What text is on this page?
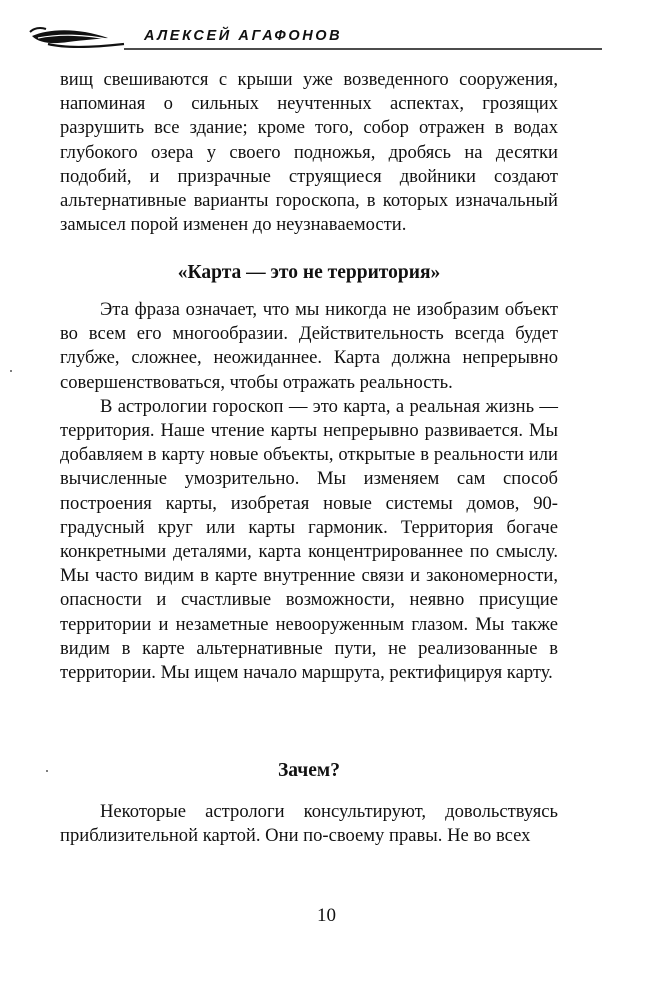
АЛЕКСЕЙ АГАФОНОВ

вищ свешиваются с крыши уже возведенного сооружения, напоминая о сильных неучтенных аспектах, грозящих разрушить все здание; кроме того, собор отражен в водах глубокого озера у своего подножья, дробясь на десятки подобий, и призрачные струящиеся двойники создают альтернативные варианты гороскопа, в которых изначальный замысел порой изменен до неузнаваемости.

«Карта — это не территория»

Эта фраза означает, что мы никогда не изобразим объект во всем его многообразии. Действительность всегда будет глубже, сложнее, неожиданнее. Карта должна непрерывно совершенствоваться, чтобы отражать реальность.

В астрологии гороскоп — это карта, а реальная жизнь — территория. Наше чтение карты непрерывно развивается. Мы добавляем в карту новые объекты, открытые в реальности или вычисленные умозрительно. Мы изменяем сам способ построения карты, изобретая новые системы домов, 90-градусный круг или карты гармоник. Территория богаче конкретными деталями, карта концентрированнее по смыслу. Мы часто видим в карте внутренние связи и закономерности, опасности и счастливые возможности, неявно присущие территории и незаметные невооруженным глазом. Мы также видим в карте альтернативные пути, не реализованные в территории. Мы ищем начало маршрута, ректифицируя карту.

Зачем?

Некоторые астрологи консультируют, довольствуясь приблизительной картой. Они по-своему правы. Не во всех

10
